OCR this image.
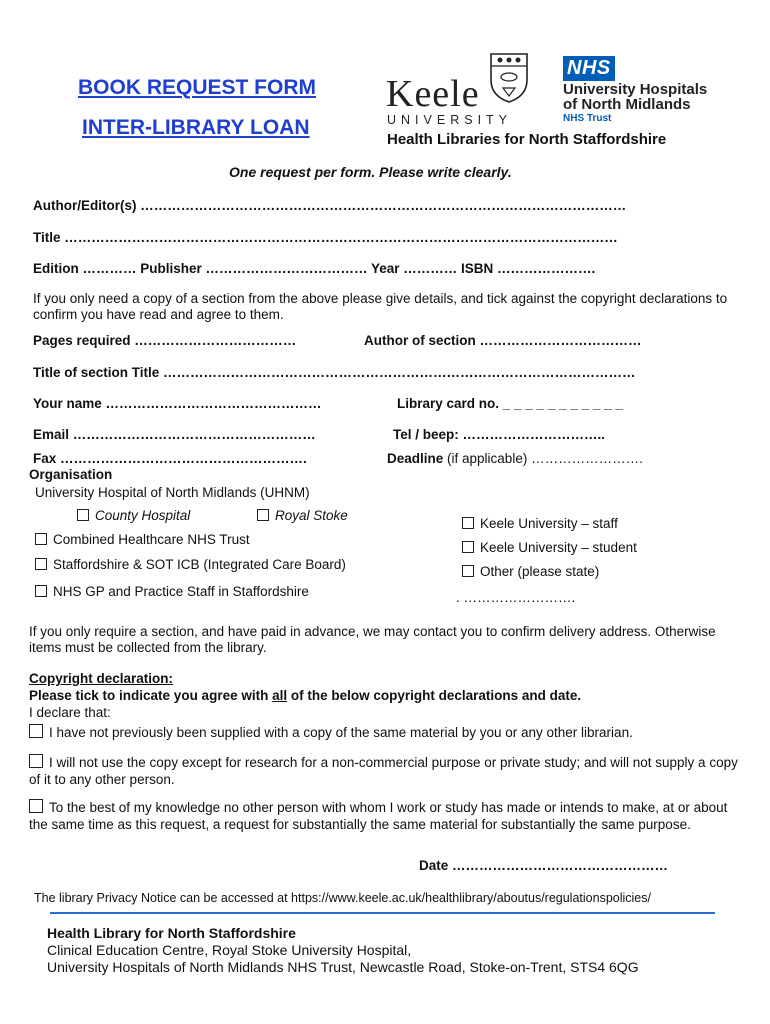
BOOK REQUEST FORM
INTER-LIBRARY LOAN
Keele
UNIVERSITY
NHS
University Hospitals
of North Midlands
NHS Trust
Health Libraries for North Staffordshire
One request per form. Please write clearly.
Author/Editor(s) ………………………………………………………………………………………………
Title ……………………………………………………………………………………………………………
Edition ………… Publisher ……………………………… Year ………… ISBN ………………….
If you only need a copy of a section from the above please give details, and tick against the copyright declarations to confirm you have read and agree to them.
Pages required ………………………………	Author of section ………………………………
Title of section Title ……………………………………………………………………………………………
Your name …………………………………………	Library card no. _ _ _ _ _ _ _ _ _ _ _
Email ………………………………………………	Tel / beep: …………………………..
Fax ……………………………………………….	Deadline (if applicable) …………………….
Organisation
University Hospital of North Midlands (UHNM)
County Hospital	Royal Stoke
Combined Healthcare NHS Trust
Staffordshire & SOT ICB (Integrated Care Board)
NHS GP and Practice Staff in Staffordshire
Keele University – staff
Keele University – student
Other (please state)
. …………………….
If you only require a section, and have paid in advance, we may contact you to confirm delivery address. Otherwise items must be collected from the library.
Copyright declaration:
Please tick to indicate you agree with all of the below copyright declarations and date.
I declare that:
I have not previously been supplied with a copy of the same material by you or any other librarian.
I will not use the copy except for research for a non-commercial purpose or private study; and will not supply a copy of it to any other person.
To the best of my knowledge no other person with whom I work or study has made or intends to make, at or about the same time as this request, a request for substantially the same material for substantially the same purpose.
Date …………………………………………
The library Privacy Notice can be accessed at https://www.keele.ac.uk/healthlibrary/aboutus/regulationspolicies/
Health Library for North Staffordshire
Clinical Education Centre, Royal Stoke University Hospital,
University Hospitals of North Midlands NHS Trust, Newcastle Road, Stoke-on-Trent, STS4 6QG
